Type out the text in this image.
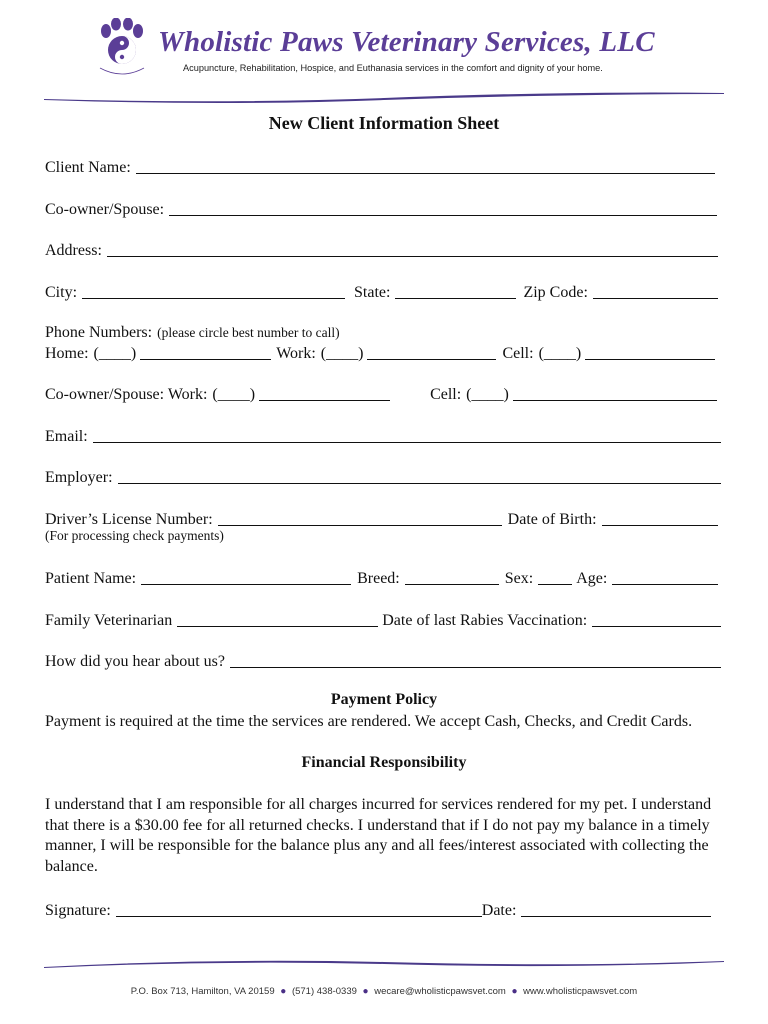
Wholistic Paws Veterinary Services, LLC
Acupuncture, Rehabilitation, Hospice, and Euthanasia services in the comfort and dignity of your home.
New Client Information Sheet
Client Name:
Co-owner/Spouse:
Address:
City:	State:	Zip Code:
Phone Numbers: (please circle best number to call)
Home: (____)	Work: (____)	Cell: (____)
Co-owner/Spouse: Work: (____)	Cell: (____)
Email:
Employer:
Driver’s License Number:	Date of Birth:
(For processing check payments)
Patient Name:	Breed:	Sex:	Age:
Family Veterinarian	Date of last Rabies Vaccination:
How did you hear about us?
Payment Policy
Payment is required at the time the services are rendered. We accept Cash, Checks, and Credit Cards.
Financial Responsibility
I understand that I am responsible for all charges incurred for services rendered for my pet. I understand that there is a $30.00 fee for all returned checks. I understand that if I do not pay my balance in a timely manner, I will be responsible for the balance plus any and all fees/interest associated with collecting the balance.
Signature:	Date:
P.O. Box 713, Hamilton, VA 20159 ● (571) 438-0339 ● wecare@wholisticpawsvet.com ● www.wholisticpawsvet.com
